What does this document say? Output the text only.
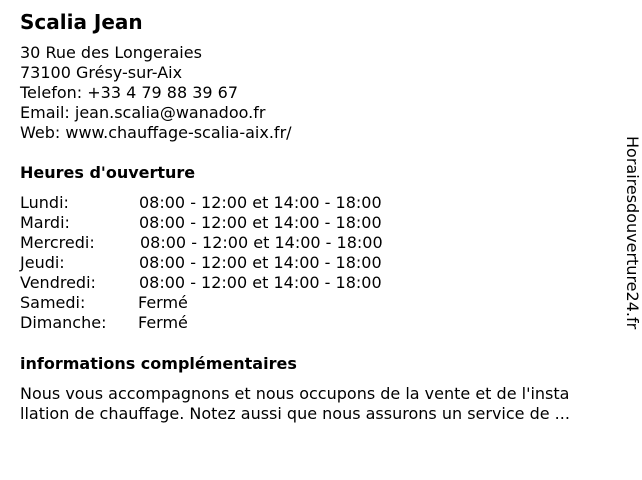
Scalia Jean
30 Rue des Longeraies
73100 Grésy-sur-Aix
Telefon: +33 4 79 88 39 67
Email: jean.scalia@wanadoo.fr
Web: www.chauffage-scalia-aix.fr/
Heures d'ouverture
Lundi:	08:00 - 12:00 et 14:00 - 18:00
Mardi:	08:00 - 12:00 et 14:00 - 18:00
Mercredi:	08:00 - 12:00 et 14:00 - 18:00
Jeudi:	08:00 - 12:00 et 14:00 - 18:00
Vendredi:	08:00 - 12:00 et 14:00 - 18:00
Samedi:	Fermé
Dimanche: Fermé
informations complémentaires
Nous vous accompagnons et nous occupons de la vente et de l'insta
llation de chauffage. Notez aussi que nous assurons un service de ...
Horairesdouverture24.fr
